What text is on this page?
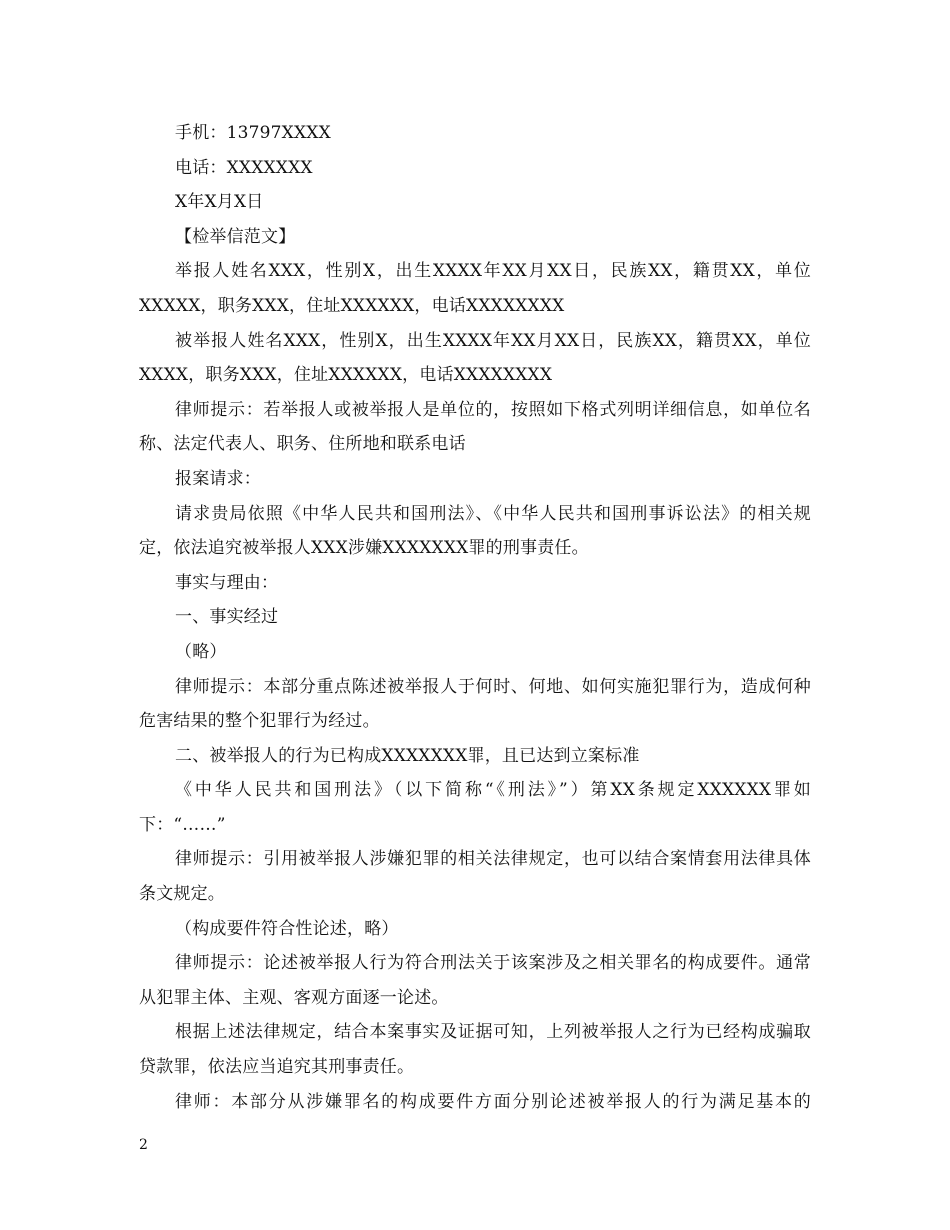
手机：13797XXXX

电话：XXXXXXX

X年X月X日

【检举信范文】

举报人姓名XXX，性别X，出生XXXX年XX月XX日，民族XX，籍贯XX，单位XXXXX，职务XXX，住址XXXXXX，电话XXXXXXXX

被举报人姓名XXX，性别X，出生XXXX年XX月XX日，民族XX，籍贯XX，单位XXXX，职务XXX，住址XXXXXX，电话XXXXXXXX

律师提示：若举报人或被举报人是单位的，按照如下格式列明详细信息，如单位名称、法定代表人、职务、住所地和联系电话

报案请求：

请求贵局依照《中华人民共和国刑法》、《中华人民共和国刑事诉讼法》的相关规定，依法追究被举报人XXX涉嫌XXXXXXX罪的刑事责任。

事实与理由：

一、事实经过

（略）

律师提示：本部分重点陈述被举报人于何时、何地、如何实施犯罪行为，造成何种危害结果的整个犯罪行为经过。

二、被举报人的行为已构成XXXXXXX罪，且已达到立案标准

《中华人民共和国刑法》（以下简称“《刑法》”）第XX条规定XXXXXX罪如下：“……”

律师提示：引用被举报人涉嫌犯罪的相关法律规定，也可以结合案情套用法律具体条文规定。

（构成要件符合性论述，略）

律师提示：论述被举报人行为符合刑法关于该案涉及之相关罪名的构成要件。通常从犯罪主体、主观、客观方面逐一论述。

根据上述法律规定，结合本案事实及证据可知，上列被举报人之行为已经构成骗取贷款罪，依法应当追究其刑事责任。

律师：本部分从涉嫌罪名的构成要件方面分别论述被举报人的行为满足基本的

2
